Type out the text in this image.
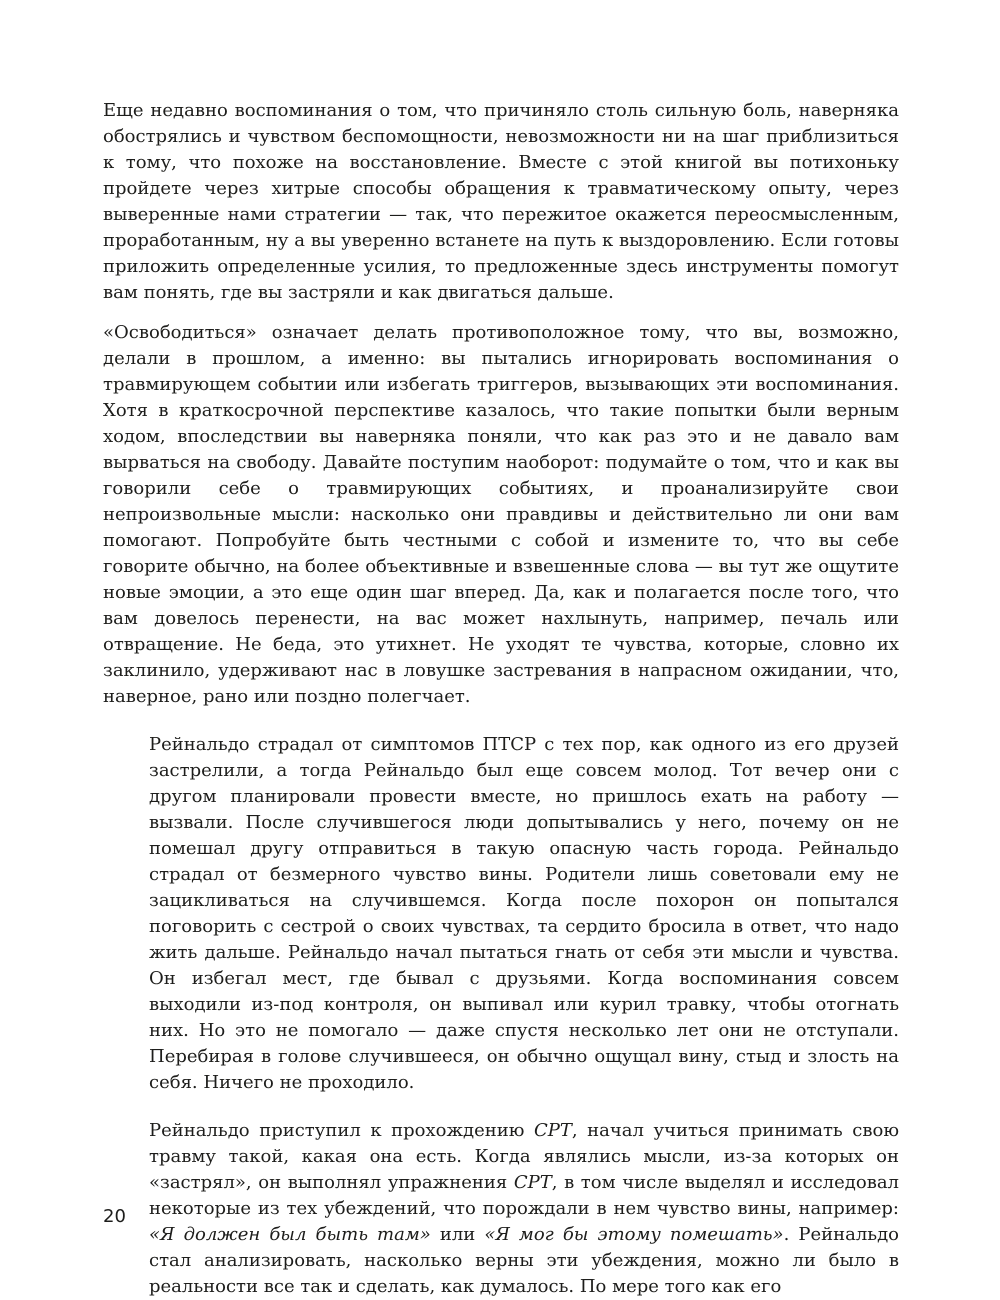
Еще недавно воспоминания о том, что причиняло столь сильную боль, наверняка обострялись и чувством беспомощности, невозможности ни на шаг приблизиться к тому, что похоже на восстановление. Вместе с этой книгой вы потихоньку пройдете через хитрые способы обращения к травматическому опыту, через выверенные нами стратегии — так, что пережитое окажется переосмысленным, проработанным, ну а вы уверенно встанете на путь к выздоровлению. Если готовы приложить определенные усилия, то предложенные здесь инструменты помогут вам понять, где вы застряли и как двигаться дальше.

«Освободиться» означает делать противоположное тому, что вы, возможно, делали в прошлом, а именно: вы пытались игнорировать воспоминания о травмирующем событии или избегать триггеров, вызывающих эти воспоминания. Хотя в краткосрочной перспективе казалось, что такие попытки были верным ходом, впоследствии вы наверняка поняли, что как раз это и не давало вам вырваться на свободу. Давайте поступим наоборот: подумайте о том, что и как вы говорили себе о травмирующих событиях, и проанализируйте свои непроизвольные мысли: насколько они правдивы и действительно ли они вам помогают. Попробуйте быть честными с собой и измените то, что вы себе говорите обычно, на более объективные и взвешенные слова — вы тут же ощутите новые эмоции, а это еще один шаг вперед. Да, как и полагается после того, что вам довелось перенести, на вас может нахлынуть, например, печаль или отвращение. Не беда, это утихнет. Не уходят те чувства, которые, словно их заклинило, удерживают нас в ловушке застревания в напрасном ожидании, что, наверное, рано или поздно полегчает.

Рейнальдо страдал от симптомов ПТСР с тех пор, как одного из его друзей застрелили, а тогда Рейнальдо был еще совсем молод. Тот вечер они с другом планировали провести вместе, но пришлось ехать на работу — вызвали. После случившегося люди допытывались у него, почему он не помешал другу отправиться в такую опасную часть города. Рейнальдо страдал от безмерного чувство вины. Родители лишь советовали ему не зацикливаться на случившемся. Когда после похорон он попытался поговорить с сестрой о своих чувствах, та сердито бросила в ответ, что надо жить дальше. Рейнальдо начал пытаться гнать от себя эти мысли и чувства. Он избегал мест, где бывал с друзьями. Когда воспоминания совсем выходили из-под контроля, он выпивал или курил травку, чтобы отогнать них. Но это не помогало — даже спустя несколько лет они не отступали. Перебирая в голове случившееся, он обычно ощущал вину, стыд и злость на себя. Ничего не проходило.

Рейнальдо приступил к прохождению CPT, начал учиться принимать свою травму такой, какая она есть. Когда являлись мысли, из-за которых он «застрял», он выполнял упражнения CPT, в том числе выделял и исследовал некоторые из тех убеждений, что порождали в нем чувство вины, например: «Я должен был быть там» или «Я мог бы этому помешать». Рейнальдо стал анализировать, насколько верны эти убеждения, можно ли было в реальности все так и сделать, как думалось. По мере того как его

20
